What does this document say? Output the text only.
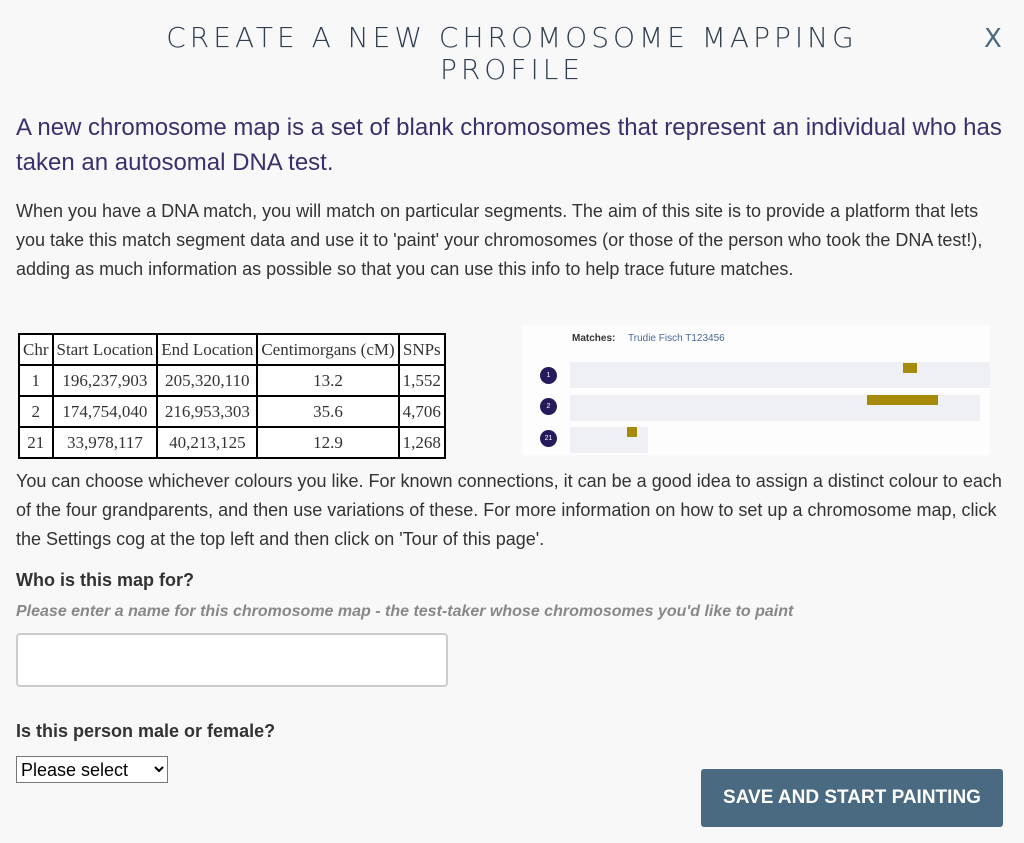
CREATE A NEW CHROMOSOME MAPPING PROFILE
X
A new chromosome map is a set of blank chromosomes that represent an individual who has taken an autosomal DNA test.
When you have a DNA match, you will match on particular segments. The aim of this site is to provide a platform that lets you take this match segment data and use it to 'paint' your chromosomes (or those of the person who took the DNA test!), adding as much information as possible so that you can use this info to help trace future matches.
Chr	Start Location	End Location	Centimorgans (cM)	SNPs
1	196,237,903	205,320,110	13.2	1,552
2	174,754,040	216,953,303	35.6	4,706
21	33,978,117	40,213,125	12.9	1,268
Matches: Trudie Fisch T123456
1
2
21
You can choose whichever colours you like. For known connections, it can be a good idea to assign a distinct colour to each of the four grandparents, and then use variations of these. For more information on how to set up a chromosome map, click the Settings cog at the top left and then click on 'Tour of this page'.
Who is this map for?
Please enter a name for this chromosome map - the test-taker whose chromosomes you'd like to paint
Is this person male or female?
Please select
SAVE AND START PAINTING
